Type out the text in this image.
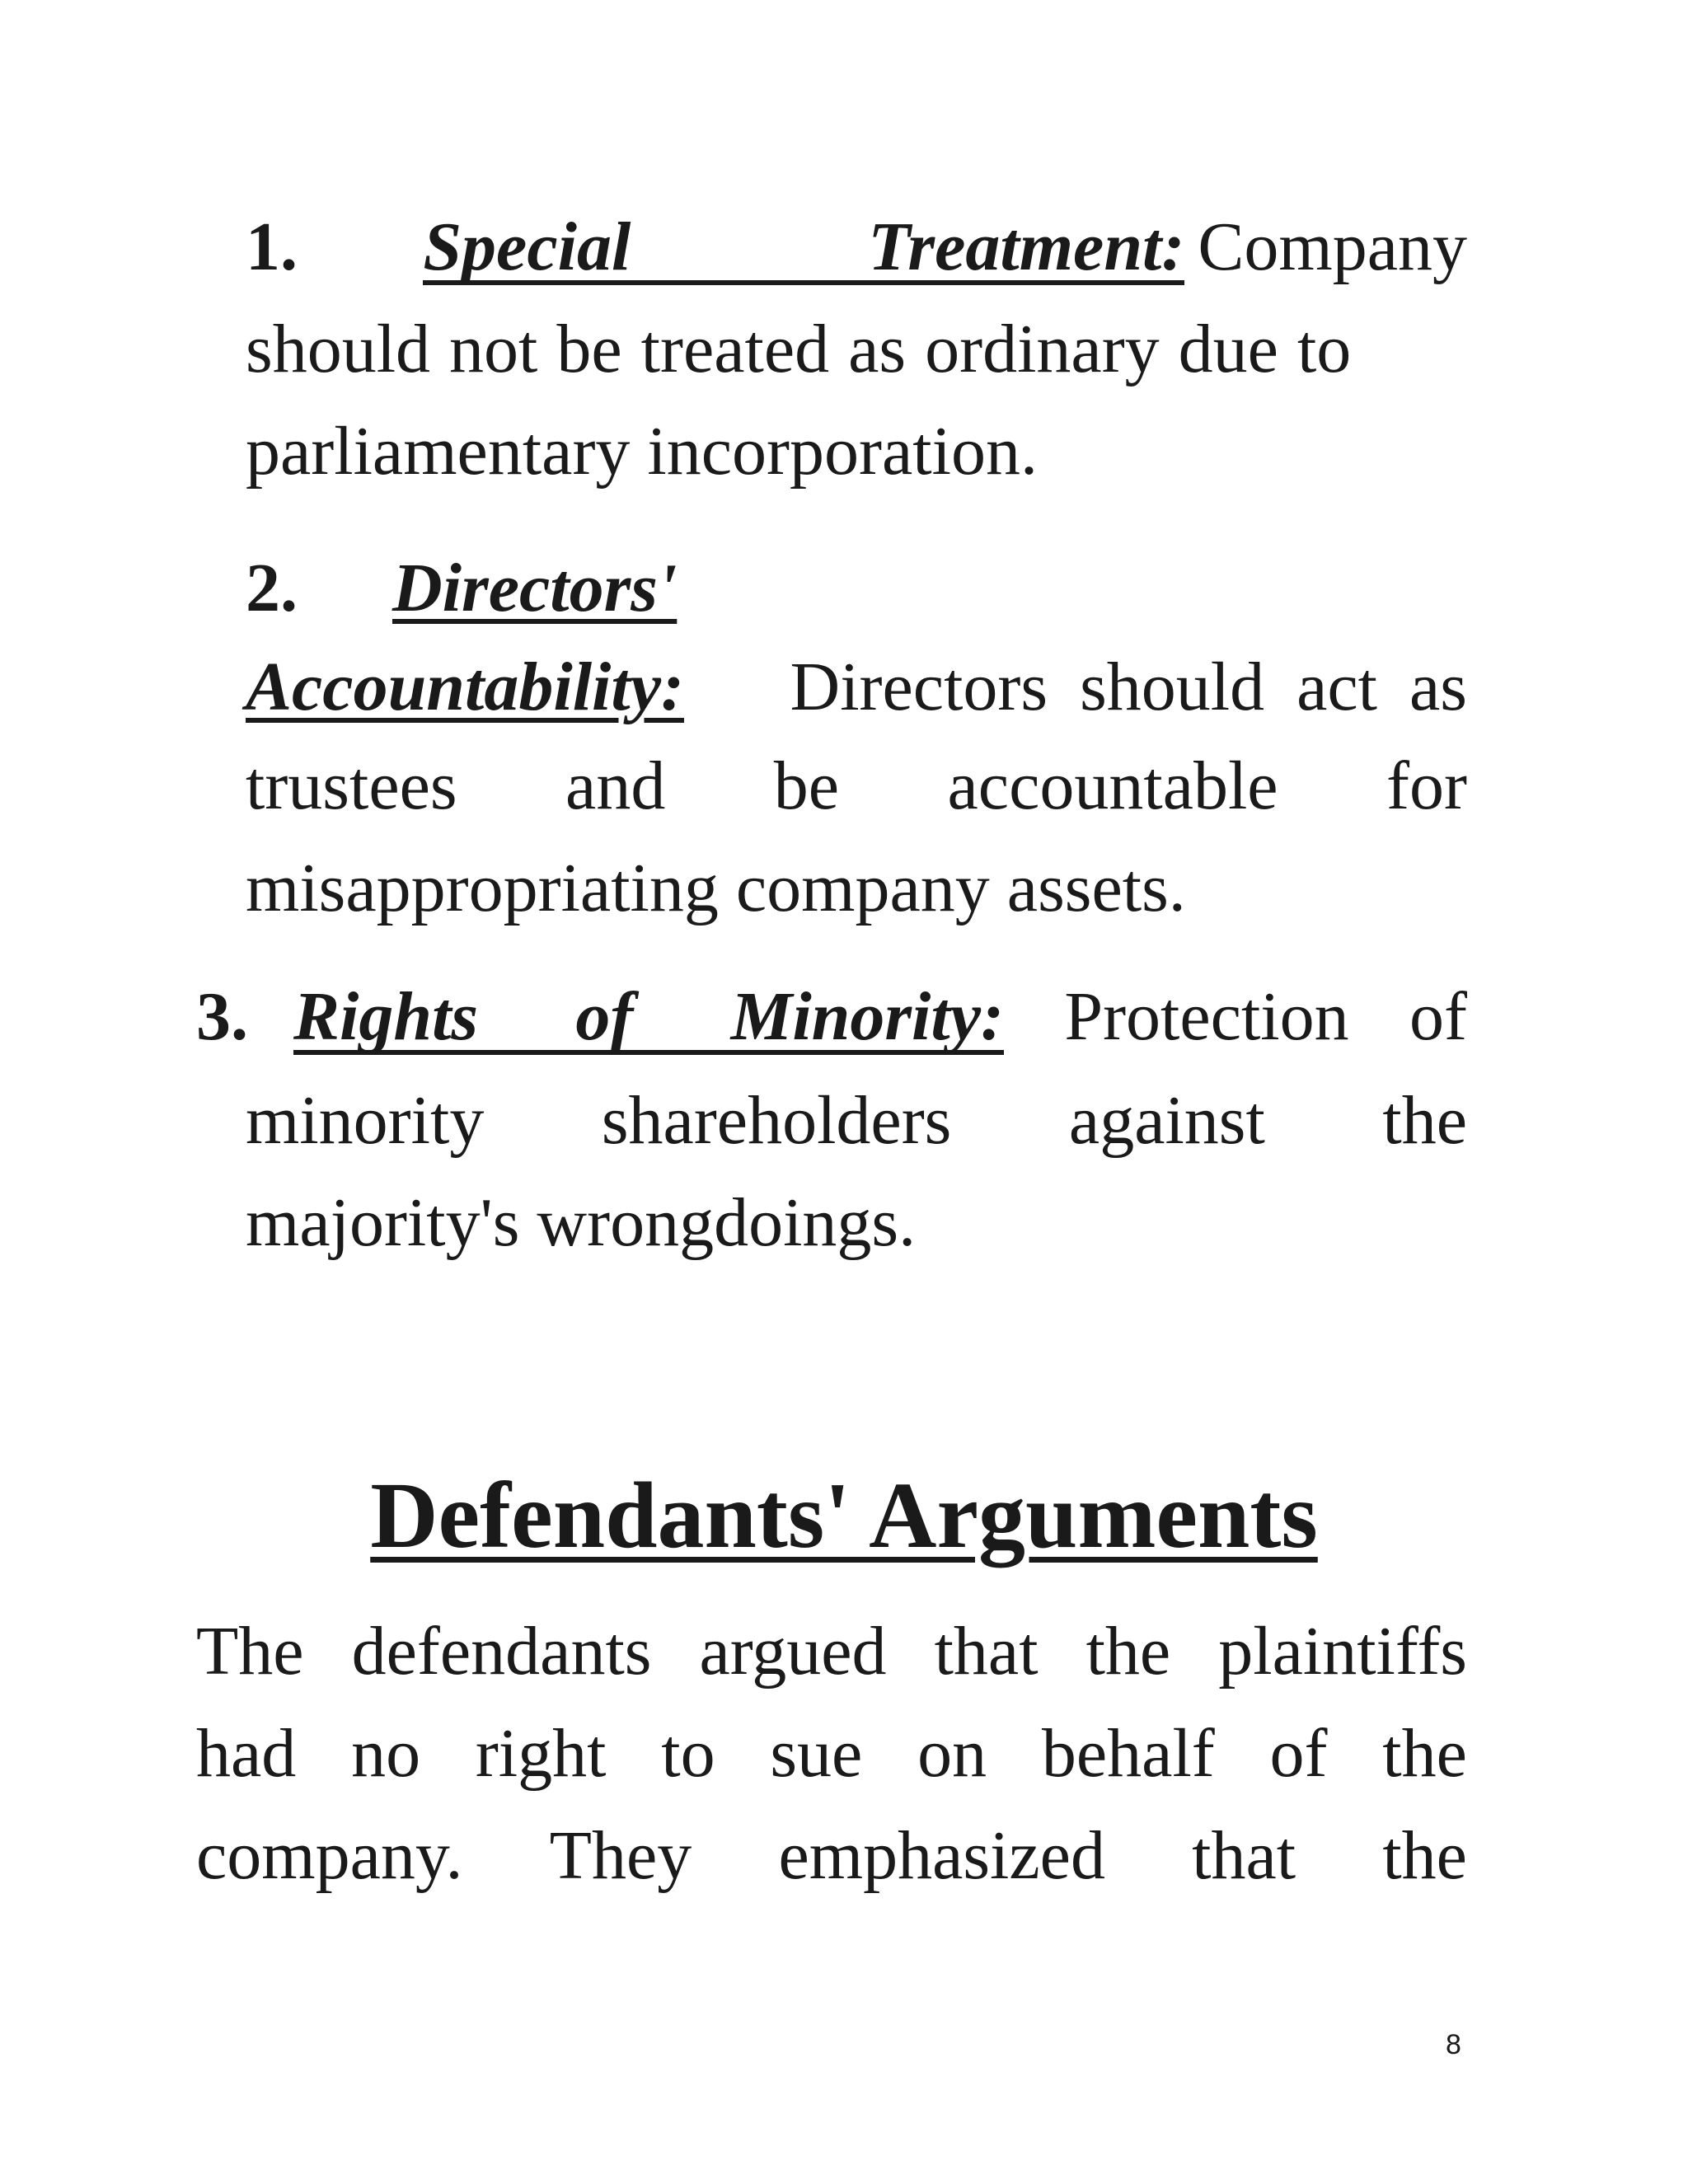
1. Special	Treatment: Company
should not be treated as ordinary due to
parliamentary incorporation.
2. Directors'
Accountability: Directors should act as
trustees and be accountable for
misappropriating company assets.
3. Rights of Minority: Protection of
minority shareholders against the
majority's wrongdoings.
Defendants' Arguments
The defendants argued that the plaintiffs
had no right to sue on behalf of the
company. They emphasized that the
8
